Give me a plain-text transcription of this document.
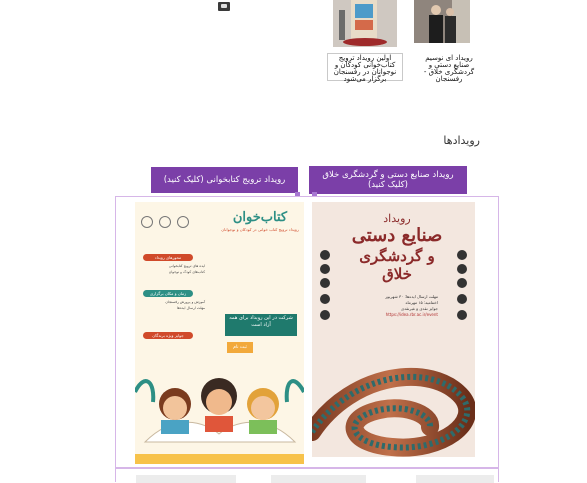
اولین رویداد ترویج کتاب‌خوانی کودکان و نوجوانان در رفسنجان برگزار می‌شود
رویداد ای نوسیم صنایع دستی و گردشگری خلاق - رفسنجان
رویدادها
رویداد صنایع دستی و گردشگری خلاق (کلیک کنید)
رویداد ترویج کتابخوانی (کلیک کنید)
رویداد
صنایع دستی
و گردشگری خلاق
مهلت ارسال ایده‌ها: ۳۰ شهریور
اختتامیه: ۱۵ مهرماه
جوایز نقدی و غیرنقدی
https://idea.rbr.ac.ir/event
کتاب‌خوان
رویداد ترویج کتاب خوانی در کودکان و نوجوانان
محورهای رویداد
ایده های ترویج کتابخوانی
کتاب‌های کودک و نوجوان
زمان و مکان برگزاری
آموزش و پرورش رفسنجان
مهلت ارسال ایده‌ها
جوایز ویژه برندگان
شرکت در این رویداد برای همه آزاد است
ثبت نام
